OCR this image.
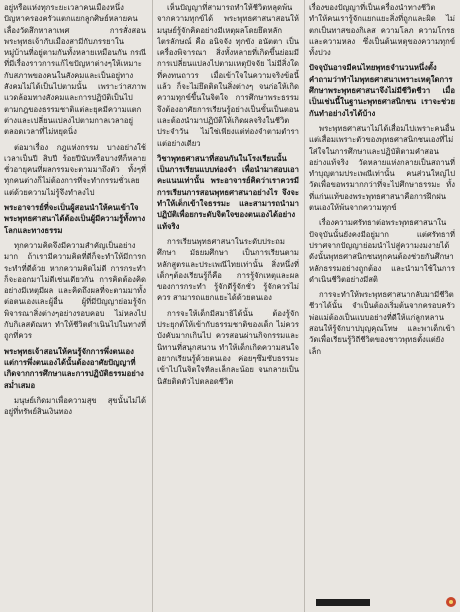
อยู่หรือแห่งทุกระยะเวลาคนเมืองหนึ่ง ปัญหาครองครัวแตกแยกลูกศิษย์หลายคนเลื่องวัดสึกหาลาเพศ การสั่งสอนพระพุทธเจ้ากับเมืองสามีกับภรรยาในหมู่บ้านที่อยู่ตามกันทั้งหลายเหมือนกัน กรณีที่มีเรื่องราวการแก้ไขปัญหาต่างๆให้เหมาะกับสภาพของคนในสังคมและเป็นอยู่ทางสังคมไม่ได้เป็นไปตามนั้น เพราะว่าสภาพแวดล้อมทางสังคมและการปฏิบัติเป็นไปตามกฎของธรรมชาติแต่ละยุคมีความแตกต่างและเปลี่ยนแปลงไปตามกาลเวลาอยู่ตลอดเวลาที่ไม่หยุดนิ่ง

ต่อมาเรื่อง กฎแห่งกรรม บางอย่างใช้เวลาเป็นปี สิบปี ร้อยปีนับหรือบางทีก็หลายชั่วอายุคนที่ผลกรรมจะตามมาถึงตัว ทั้งๆที่ทุกคนต่างก็ไม่ต้องการที่จะทำกรรมชั่วเลย แต่ด้วยความไม่รู้จึงทำลงไป

พระอาจารย์ที่จะเป็นผู้สอนนำให้คนเข้าใจพระพุทธศาสนาได้ต้องเป็นผู้มีความรู้ทั้งทางโลกและทางธรรม

ทุกความคิดจึงมีความสำคัญเป็นอย่างมาก ถ้าเรามีความคิดที่ดีก็จะทำให้มีการกระทำที่ดีด้วย หากความคิดไม่ดี การกระทำก็จะออกมาไม่ดีเช่นเดียวกัน การคิดต้องคิดอย่างมีเหตุมีผล และคิดถึงผลที่จะตามมาทั้งต่อตนเองและผู้อื่น ผู้ที่มีปัญญาย่อมรู้จักพิจารณาสิ่งต่างๆอย่างรอบคอบ ไม่หลงไปกับกิเลสตัณหา ทำให้ชีวิตดำเนินไปในทางที่ถูกที่ควร

พระพุทธเจ้าสอนให้คนรู้จักการพึ่งตนเอง แต่การพึ่งตนเองได้นั้นต้องอาศัยปัญญาที่เกิดจากการศึกษาและการปฏิบัติธรรมอย่างสม่ำเสมอ

มนุษย์เกิดมาเพื่อความสุข สุขนั้นไม่ได้อยู่ที่ทรัพย์สินเงินทอง

เห็นปัญญาที่สามารถทำให้ชีวิตหลุดพ้นจากความทุกข์ได้ พระพุทธศาสนาสอนให้มนุษย์รู้จักคิดอย่างมีเหตุผลโดยยึดหลักไตรลักษณ์ คือ อนิจจัง ทุกขัง อนัตตา เป็นเครื่องพิจารณา สิ่งทั้งหลายที่เกิดขึ้นย่อมมีการเปลี่ยนแปลงไปตามเหตุปัจจัย ไม่มีสิ่งใดที่คงทนถาวร เมื่อเข้าใจในความจริงข้อนี้แล้ว ก็จะไม่ยึดติดในสิ่งต่างๆ จนก่อให้เกิดความทุกข์ขึ้นในจิตใจ การศึกษาพระธรรมจึงต้องอาศัยการเรียนรู้อย่างเป็นขั้นเป็นตอนและต้องนำมาปฏิบัติให้เกิดผลจริงในชีวิตประจำวัน ไม่ใช่เพียงแต่ท่องจำตามตำราแต่อย่างเดียว

วิชาพุทธศาสนาที่สอนกันในโรงเรียนนั้น เป็นการเรียนแบบท่องจำ เพื่อนำมาสอบเอาคะแนนเท่านั้น พระอาจารย์คิดว่าเราควรมีการเรียนการสอนพุทธศาสนาอย่างไร จึงจะทำให้เด็กเข้าใจธรรมะ และสามารถนำมาปฏิบัติเพื่อยกระดับจิตใจของตนเองได้อย่างแท้จริง

การเรียนพุทธศาสนาในระดับประถมศึกษา มัธยมศึกษา เป็นการเรียนตามหลักสูตรและประเพณีไทยเท่านั้น สิ่งหนึ่งที่เด็กๆต้องเรียนรู้ก็คือ การรู้จักเหตุและผลของการกระทำ รู้จักดีรู้จักชั่ว รู้จักควรไม่ควร สามารถแยกแยะได้ด้วยตนเอง

การจะให้เด็กมีสมาธิได้นั้น ต้องรู้จักประยุกต์ให้เข้ากับธรรมชาติของเด็ก ไม่ควรบังคับมากเกินไป ควรสอนผ่านกิจกรรมและนิทานที่สนุกสนาน ทำให้เด็กเกิดความสนใจอยากเรียนรู้ด้วยตนเอง ค่อยๆซึมซับธรรมะเข้าไปในจิตใจทีละเล็กละน้อย จนกลายเป็นนิสัยติดตัวไปตลอดชีวิต

เรื่องของปัญญาที่เป็นเครื่องนำทางชีวิต ทำให้คนเรารู้จักแยกแยะสิ่งที่ถูกและผิด ไม่ตกเป็นทาสของกิเลส ความโลภ ความโกรธ และความหลง ซึ่งเป็นต้นเหตุของความทุกข์ทั้งปวง

ปัจจุบันอาจมีคนไทยพุทธจำนวนหนึ่งตั้งคำถามว่าทำไมพุทธศาสนาเพราะเหตุใดการศึกษาพระพุทธศาสนาจึงไม่มีชีวิตชีวา เมื่อเป็นเช่นนี้ในฐานะพุทธศาสนิกชน เราจะช่วยกันทำอย่างไรได้บ้าง

พระพุทธศาสนาไม่ได้เสื่อมไปเพราะคนอื่น แต่เสื่อมเพราะตัวของพุทธศาสนิกชนเองที่ไม่ใส่ใจในการศึกษาและปฏิบัติตามคำสอนอย่างแท้จริง วัดหลายแห่งกลายเป็นสถานที่ทำบุญตามประเพณีเท่านั้น คนส่วนใหญ่ไปวัดเพื่อขอพรมากกว่าที่จะไปศึกษาธรรมะ ทั้งที่แก่นแท้ของพระพุทธศาสนาคือการฝึกฝนตนเองให้พ้นจากความทุกข์

เรื่องความศรัทธาต่อพระพุทธศาสนาในปัจจุบันนั้นยังคงมีอยู่มาก แต่ศรัทธาที่ปราศจากปัญญาย่อมนำไปสู่ความงมงายได้ ดังนั้นพุทธศาสนิกชนทุกคนต้องช่วยกันศึกษาหลักธรรมอย่างถูกต้อง และนำมาใช้ในการดำเนินชีวิตอย่างมีสติ

การจะทำให้พระพุทธศาสนากลับมามีชีวิตชีวาได้นั้น จำเป็นต้องเริ่มต้นจากครอบครัว พ่อแม่ต้องเป็นแบบอย่างที่ดีให้แก่ลูกหลาน สอนให้รู้จักบาปบุญคุณโทษ และพาเด็กเข้าวัดเพื่อเรียนรู้วิถีชีวิตของชาวพุทธตั้งแต่ยังเล็ก
